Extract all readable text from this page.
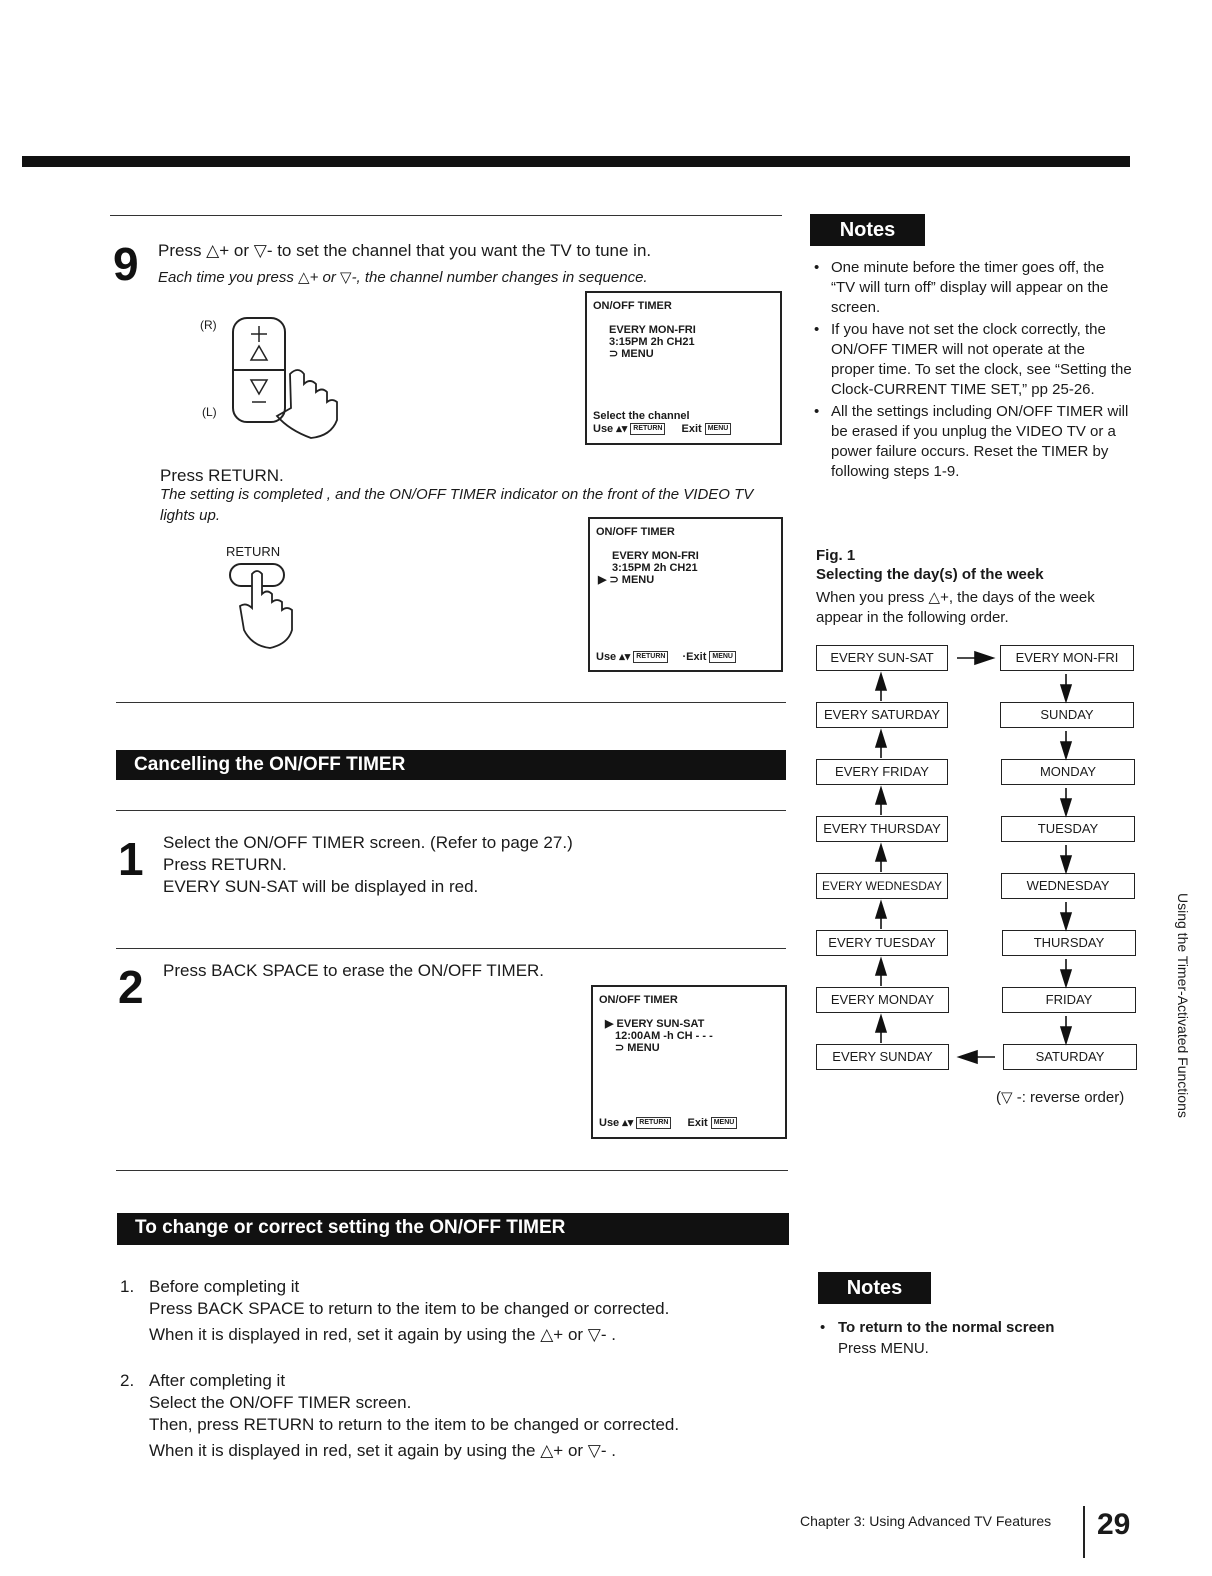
9 Press △+ or ▽- to set the channel that you want the TV to tune in.
Each time you press △+ or ▽-, the channel number changes in sequence.
(R)
(L)
ON/OFF TIMER
EVERY MON-FRI
3:15PM 2h CH21
⊃ MENU
Select the channel
Use ▴▾ RETURN Exit MENU
Press RETURN.
The setting is completed , and the ON/OFF TIMER indicator on the front of the VIDEO TV lights up.
RETURN
ON/OFF TIMER
EVERY MON-FRI
3:15PM 2h CH21
▶ ⊃ MENU
Use ▴▾ RETURN ·Exit MENU
Cancelling the ON/OFF TIMER
1 Select the ON/OFF TIMER screen. (Refer to page 27.)
Press RETURN.
EVERY SUN-SAT will be displayed in red.
2 Press BACK SPACE to erase the ON/OFF TIMER.
ON/OFF TIMER
▶ EVERY SUN-SAT
12:00AM -h CH - - -
⊃ MENU
Use ▴▾ RETURN Exit MENU
To change or correct setting the ON/OFF TIMER
1. Before completing it
Press BACK SPACE to return to the item to be changed or corrected.
When it is displayed in red, set it again by using the △+ or ▽- .
2. After completing it
Select the ON/OFF TIMER screen.
Then, press RETURN to return to the item to be changed or corrected.
When it is displayed in red, set it again by using the △+ or ▽- .
Notes
• One minute before the timer goes off, the “TV will turn off” display will appear on the screen.
• If you have not set the clock correctly, the ON/OFF TIMER will not operate at the proper time. To set the clock, see “Setting the Clock-CURRENT TIME SET,” pp 25-26.
• All the settings including ON/OFF TIMER will be erased if you unplug the VIDEO TV or a power failure occurs. Reset the TIMER by following steps 1-9.
Fig. 1
Selecting the day(s) of the week
When you press △+, the days of the week appear in the following order.
EVERY SUN-SAT
EVERY SATURDAY
EVERY FRIDAY
EVERY THURSDAY
EVERY WEDNESDAY
EVERY TUESDAY
EVERY MONDAY
EVERY SUNDAY
EVERY MON-FRI
SUNDAY
MONDAY
TUESDAY
WEDNESDAY
THURSDAY
FRIDAY
SATURDAY
(▽ -: reverse order)
Notes
• To return to the normal screen
Press MENU.
Using the Timer-Activated Functions
Chapter 3: Using Advanced TV Features 29
